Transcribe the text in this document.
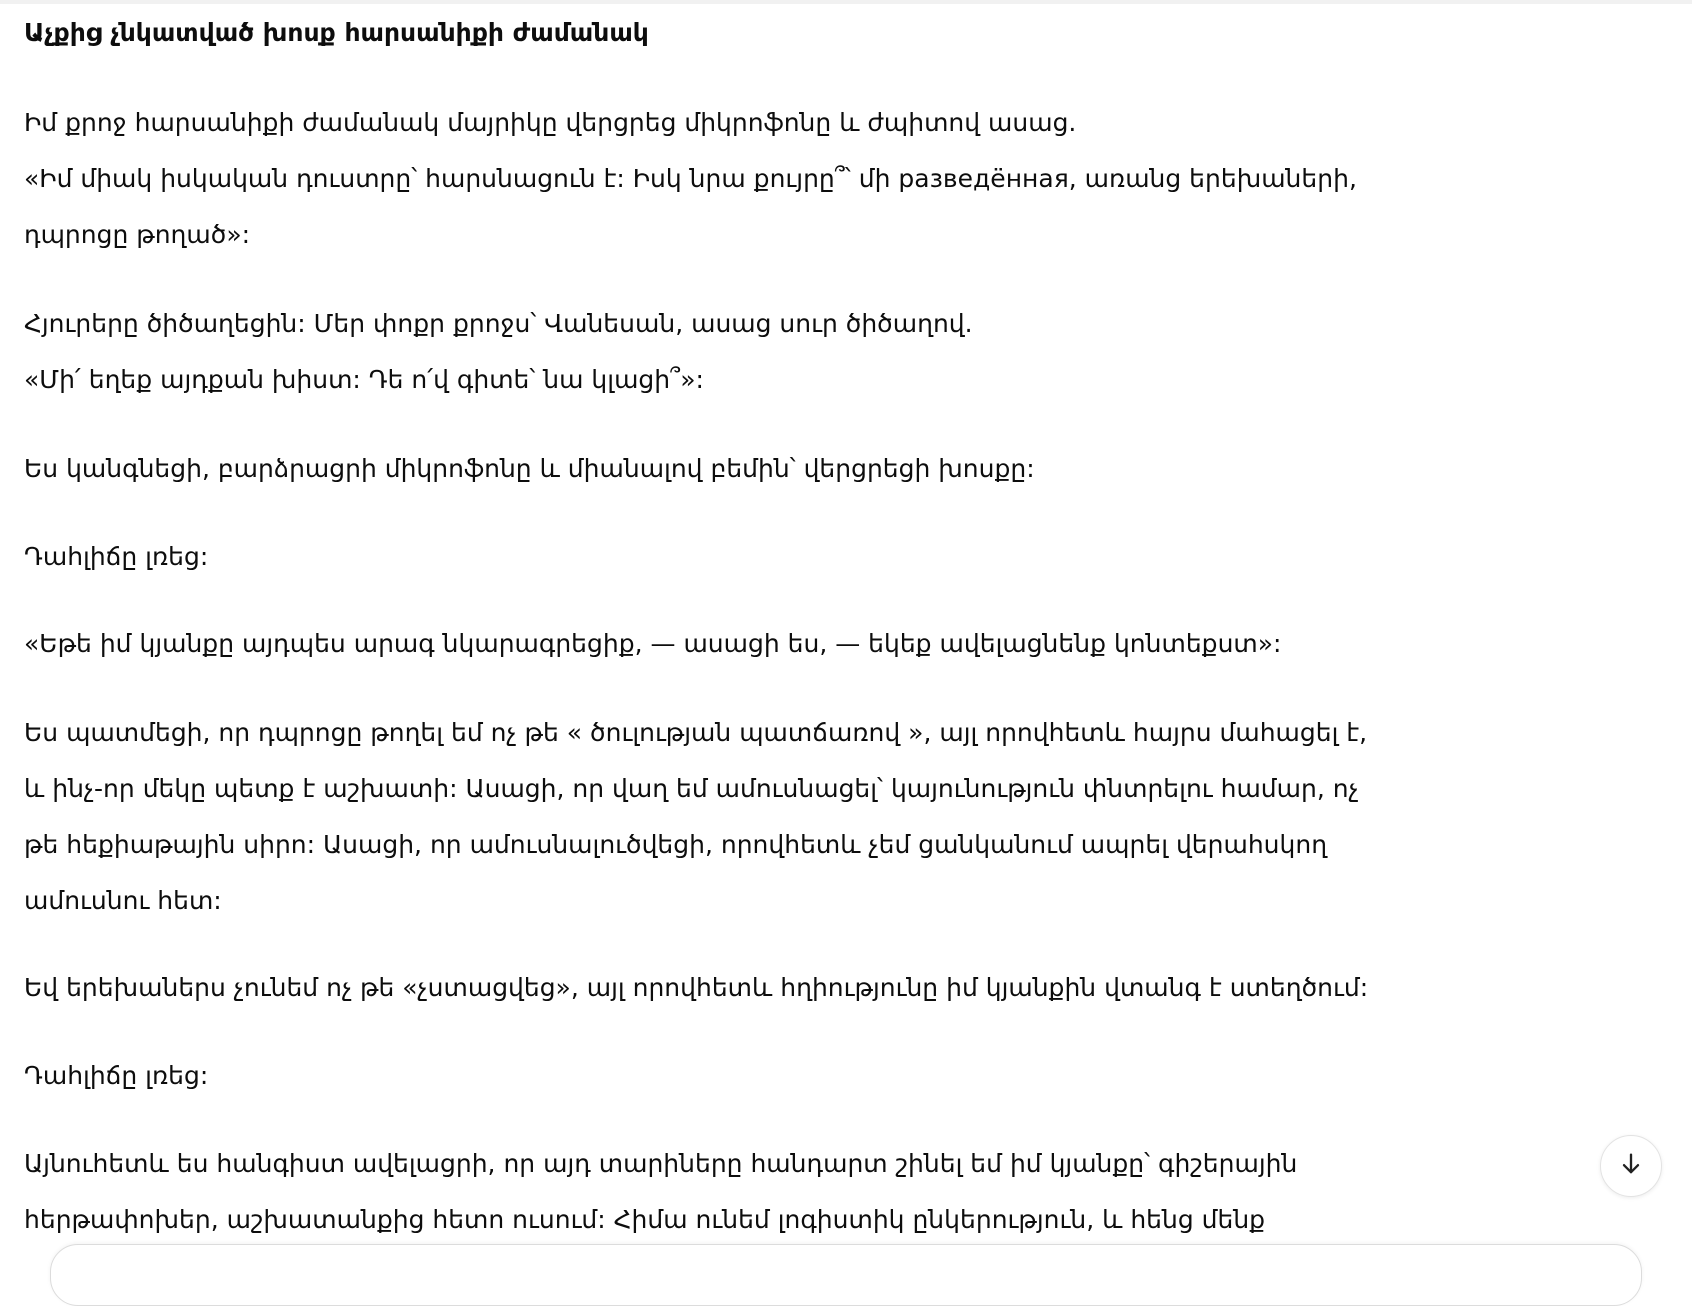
Աչքից չնկատված խոսք հարսանիքի ժամանակ
Իմ քրոջ հարսանիքի ժամանակ մայրիկը վերցրեց միկրոֆոնը և ժպիտով ասաց.
«Իմ միակ իսկական դուստրը՝ հարսնացուն է: Իսկ նրա քույրը՞՝ մի разведённая, առանց երեխաների,
դպրոցը թողած»:
Հյուրերը ծիծաղեցին: Մեր փոքր քրոջս՝ Վանեսան, ասաց սուր ծիծաղով.
«Մի՛ եղեք այդքան խիստ: Դե ո՛վ գիտե՝ նա կլացի՞»:
Ես կանգնեցի, բարձրացրի միկրոֆոնը և միանալով բեմին՝ վերցրեցի խոսքը:
Դահլիճը լռեց:
«Եթե իմ կյանքը այդպես արագ նկարագրեցիք, — ասացի ես, — եկեք ավելացնենք կոնտեքստ»:
Ես պատմեցի, որ դպրոցը թողել եմ ոչ թե « ծուլության պատճառով », այլ որովհետև հայրս մահացել է,
և ինչ-որ մեկը պետք է աշխատի: Ասացի, որ վաղ եմ ամուսնացել՝ կայունություն փնտրելու համար, ոչ
թե հեքիաթային սիրո: Ասացի, որ ամուսնալուծվեցի, որովհետև չեմ ցանկանում ապրել վերահսկող
ամուսնու հետ:
Եվ երեխաներս չունեմ ոչ թե «չստացվեց», այլ որովհետև հղիությունը իմ կյանքին վտանգ է ստեղծում:
Դահլիճը լռեց:
Այնուհետև ես հանգիստ ավելացրի, որ այդ տարիները հանդարտ շինել եմ իմ կյանքը՝ գիշերային
հերթափոխեր, աշխատանքից հետո ուսում: Հիմա ունեմ լոգիստիկ ընկերություն, և հենց մենք
